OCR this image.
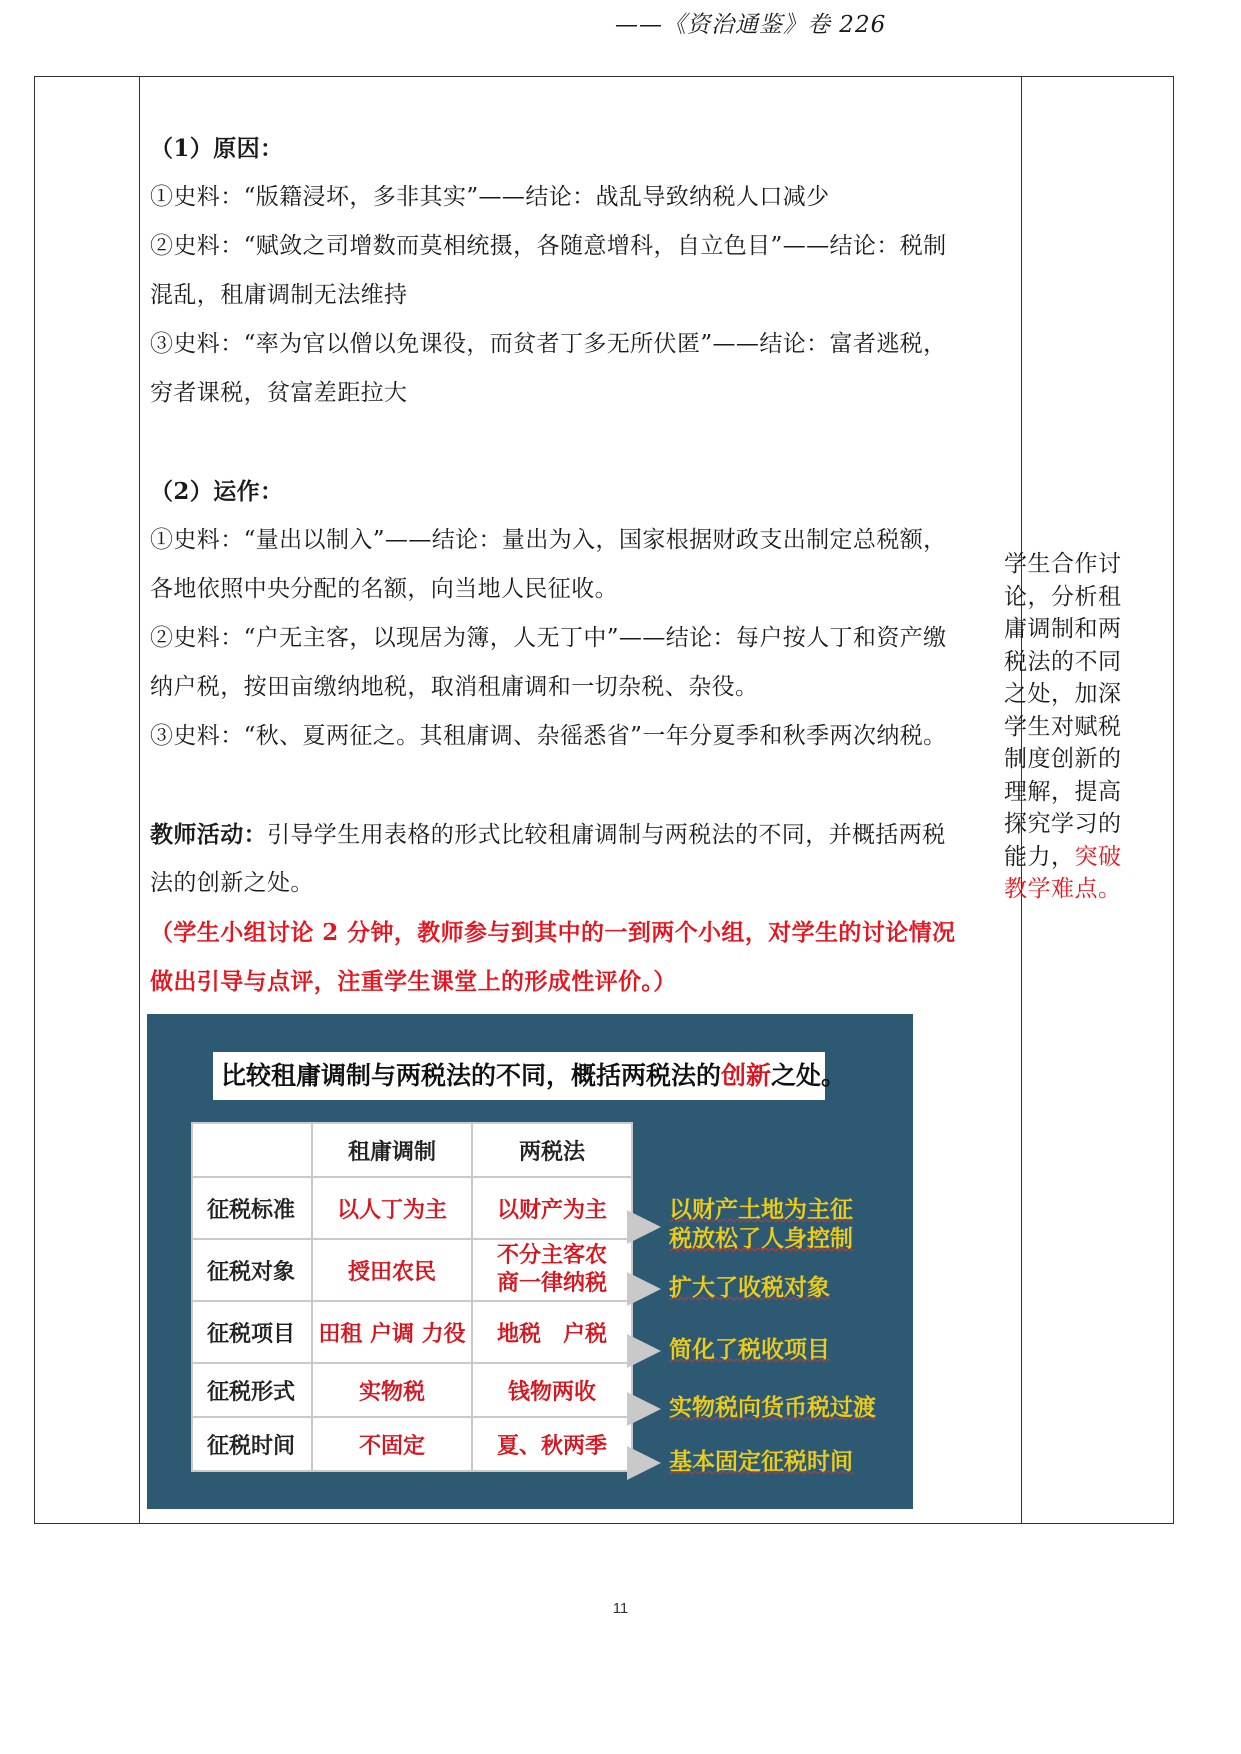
——《资治通鉴》卷 226
（1）原因：
①史料：“版籍浸坏，多非其实”——结论：战乱导致纳税人口减少
②史料：“赋敛之司增数而莫相统摄，各随意增科，自立色目”——结论：税制
混乱，租庸调制无法维持
③史料：“率为官以僧以免课役，而贫者丁多无所伏匿”——结论：富者逃税，
穷者课税，贫富差距拉大
（2）运作：
①史料：“量出以制入”——结论：量出为入，国家根据财政支出制定总税额，
各地依照中央分配的名额，向当地人民征收。
②史料：“户无主客，以现居为簿，人无丁中”——结论：每户按人丁和资产缴
纳户税，按田亩缴纳地税，取消租庸调和一切杂税、杂役。
③史料：“秋、夏两征之。其租庸调、杂徭悉省”一年分夏季和秋季两次纳税。
教师活动：引导学生用表格的形式比较租庸调制与两税法的不同，并概括两税
法的创新之处。
（学生小组讨论 2 分钟，教师参与到其中的一到两个小组，对学生的讨论情况
做出引导与点评，注重学生课堂上的形成性评价。）
比较租庸调制与两税法的不同，概括两税法的创新之处。
	租庸调制	两税法
征税标准	以人丁为主	以财产为主
征税对象	授田农民	不分主客农商一律纳税
征税项目	田租 户调 力役	地税　户税
征税形式	实物税	钱物两收
征税时间	不固定	夏、秋两季
以财产土地为主征税放松了人身控制
扩大了收税对象
简化了税收项目
实物税向货币税过渡
基本固定征税时间
学生合作讨论，分析租庸调制和两税法的不同之处，加深学生对赋税制度创新的理解，提高探究学习的能力，突破教学难点。
11
